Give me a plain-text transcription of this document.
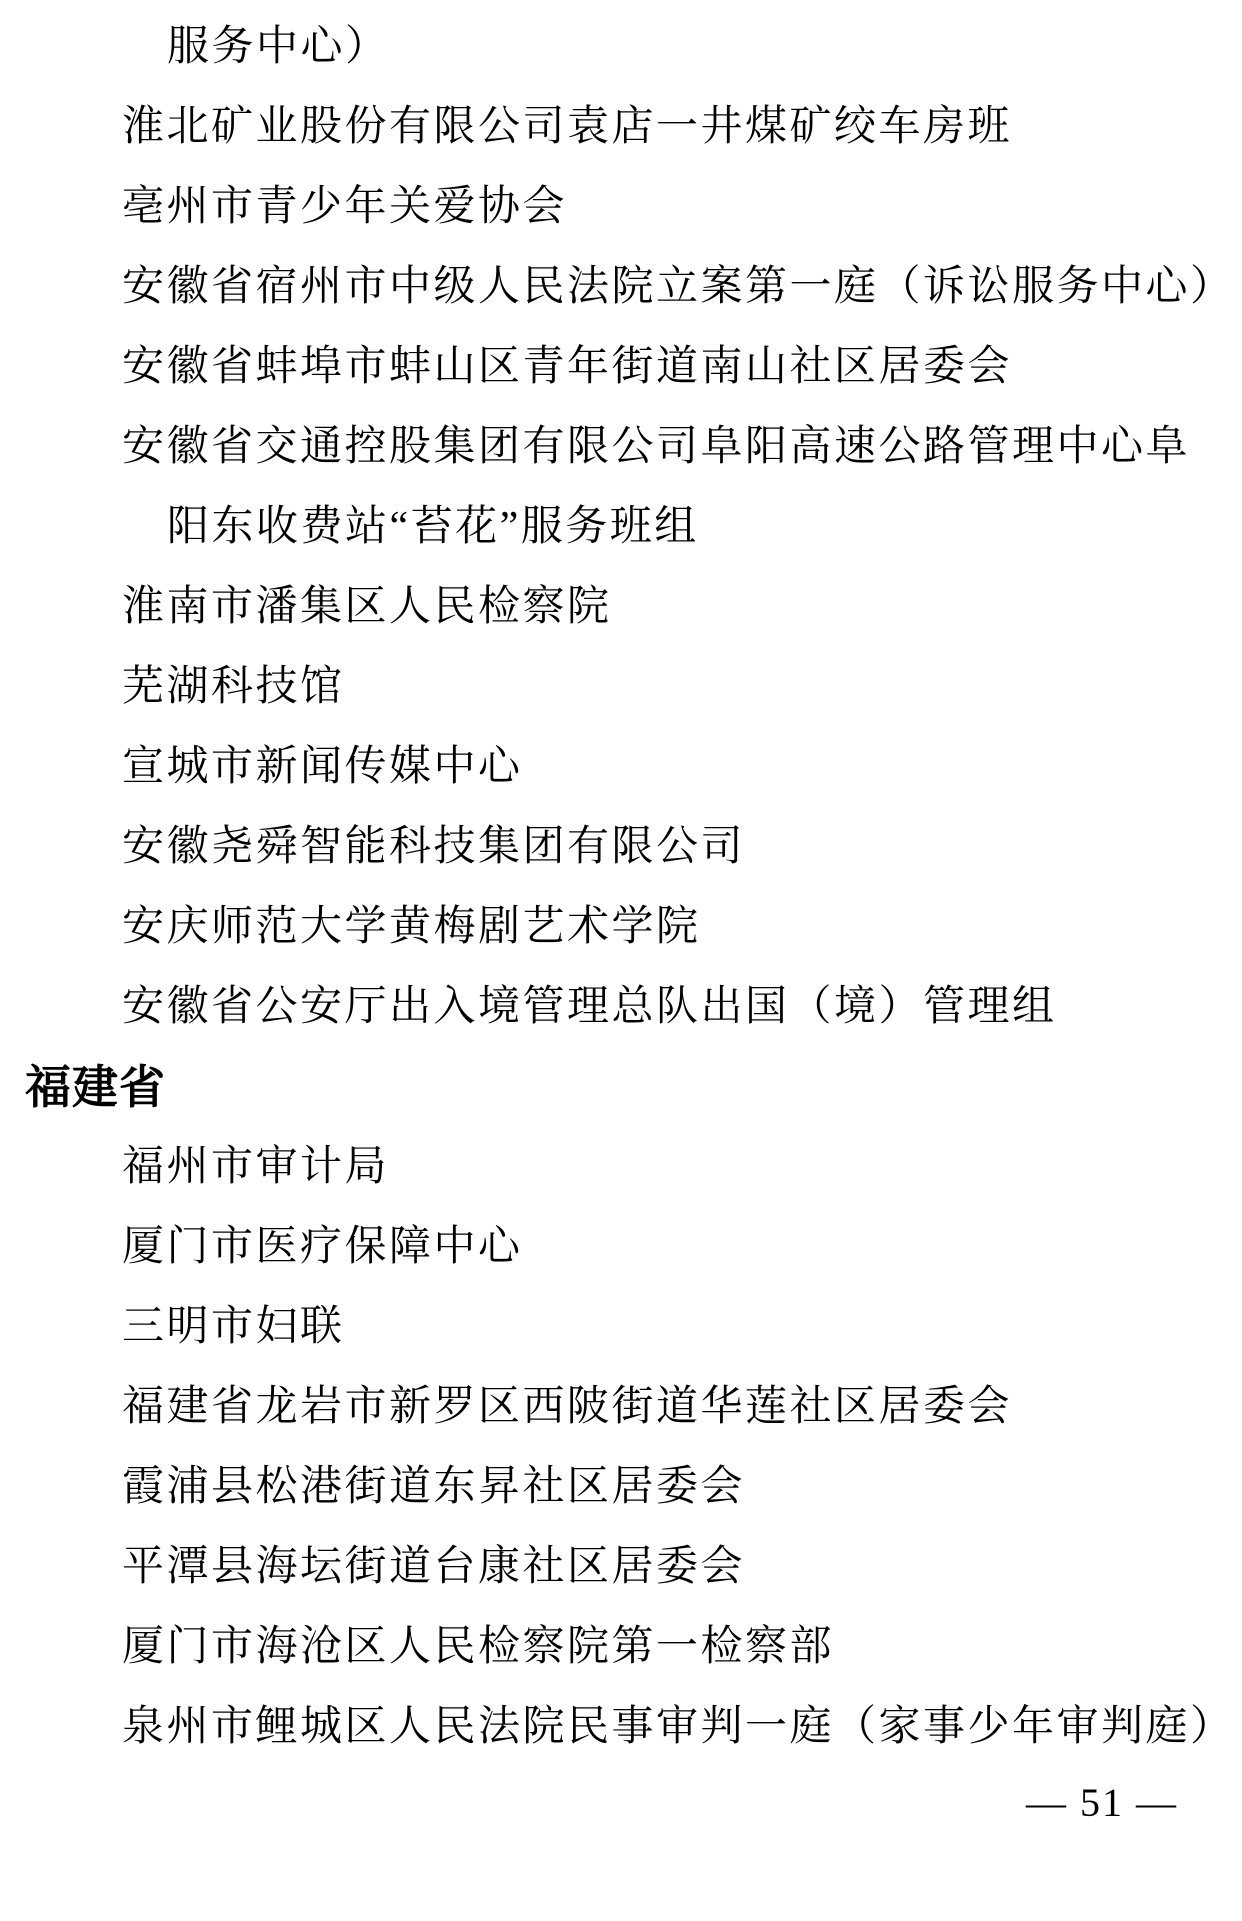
服务中心）
淮北矿业股份有限公司袁店一井煤矿绞车房班
亳州市青少年关爱协会
安徽省宿州市中级人民法院立案第一庭（诉讼服务中心）
安徽省蚌埠市蚌山区青年街道南山社区居委会
安徽省交通控股集团有限公司阜阳高速公路管理中心阜
阳东收费站“苔花”服务班组
淮南市潘集区人民检察院
芜湖科技馆
宣城市新闻传媒中心
安徽尧舜智能科技集团有限公司
安庆师范大学黄梅剧艺术学院
安徽省公安厅出入境管理总队出国（境）管理组
福建省
福州市审计局
厦门市医疗保障中心
三明市妇联
福建省龙岩市新罗区西陂街道华莲社区居委会
霞浦县松港街道东昇社区居委会
平潭县海坛街道台康社区居委会
厦门市海沧区人民检察院第一检察部
泉州市鲤城区人民法院民事审判一庭（家事少年审判庭）
— 51 —
